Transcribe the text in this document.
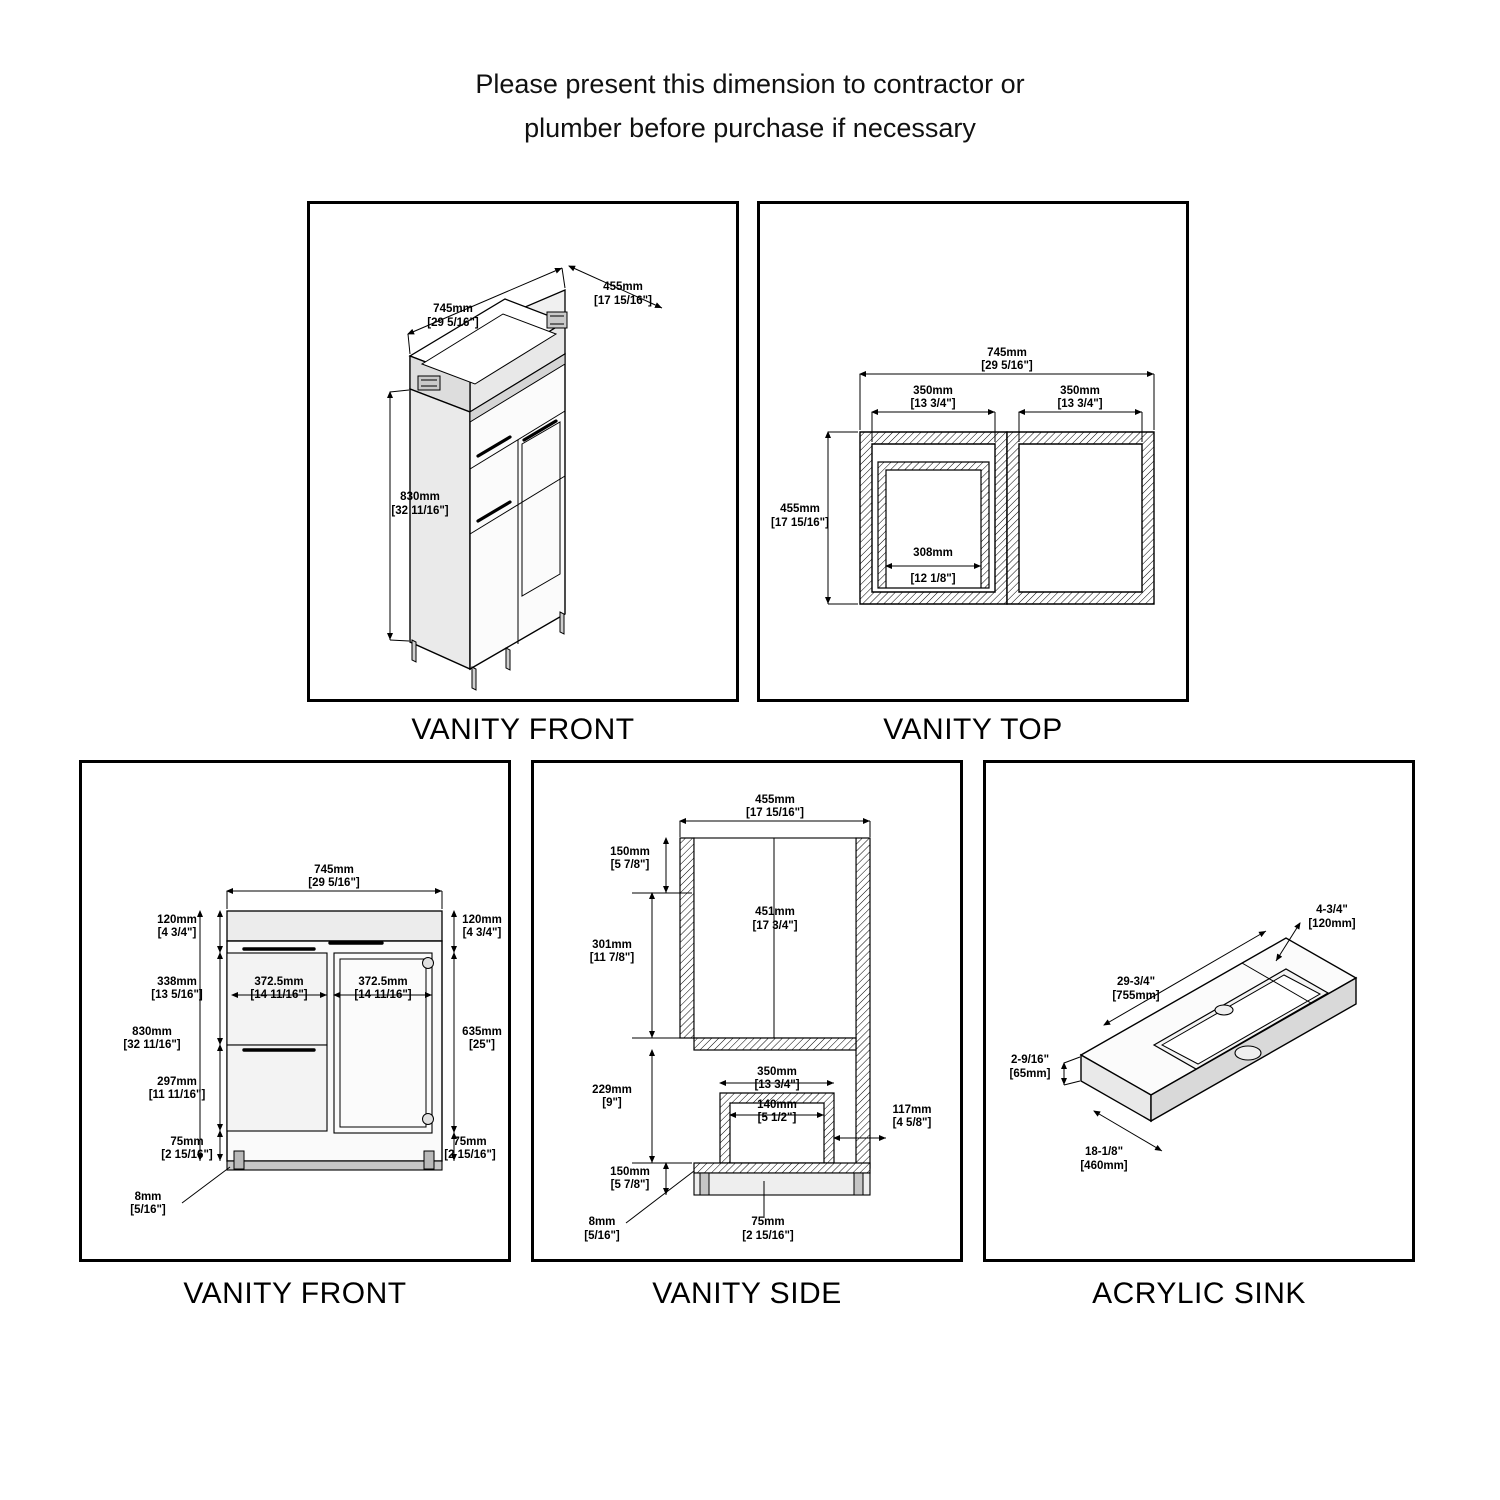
Please present this dimension to contractor or
plumber before purchase if necessary
745mm
[29 5/16"]
455mm
[17 15/16"]
830mm
[32 11/16"]
VANITY FRONT
745mm
[29 5/16"]
350mm
[13 3/4"]
350mm
[13 3/4"]
455mm
[17 15/16"]
308mm
[12 1/8"]
VANITY TOP
745mm
[29 5/16"]
120mm
[4 3/4"]
120mm
[4 3/4"]
338mm
[13 5/16"]
372.5mm
[14 11/16"]
372.5mm
[14 11/16"]
830mm
[32 11/16"]
635mm
[25"]
297mm
[11 11/16"]
75mm
[2 15/16"]
75mm
[2 15/16"]
8mm
[5/16"]
VANITY FRONT
455mm
[17 15/16"]
150mm
[5 7/8"]
301mm
[11 7/8"]
451mm
[17 3/4"]
229mm
[9"]
350mm
[13 3/4"]
140mm
[5 1/2"]
117mm
[4 5/8"]
150mm
[5 7/8"]
8mm
[5/16"]
75mm
[2 15/16"]
VANITY SIDE
29-3/4"
[755mm]
4-3/4"
[120mm]
2-9/16"
[65mm]
18-1/8"
[460mm]
ACRYLIC SINK
